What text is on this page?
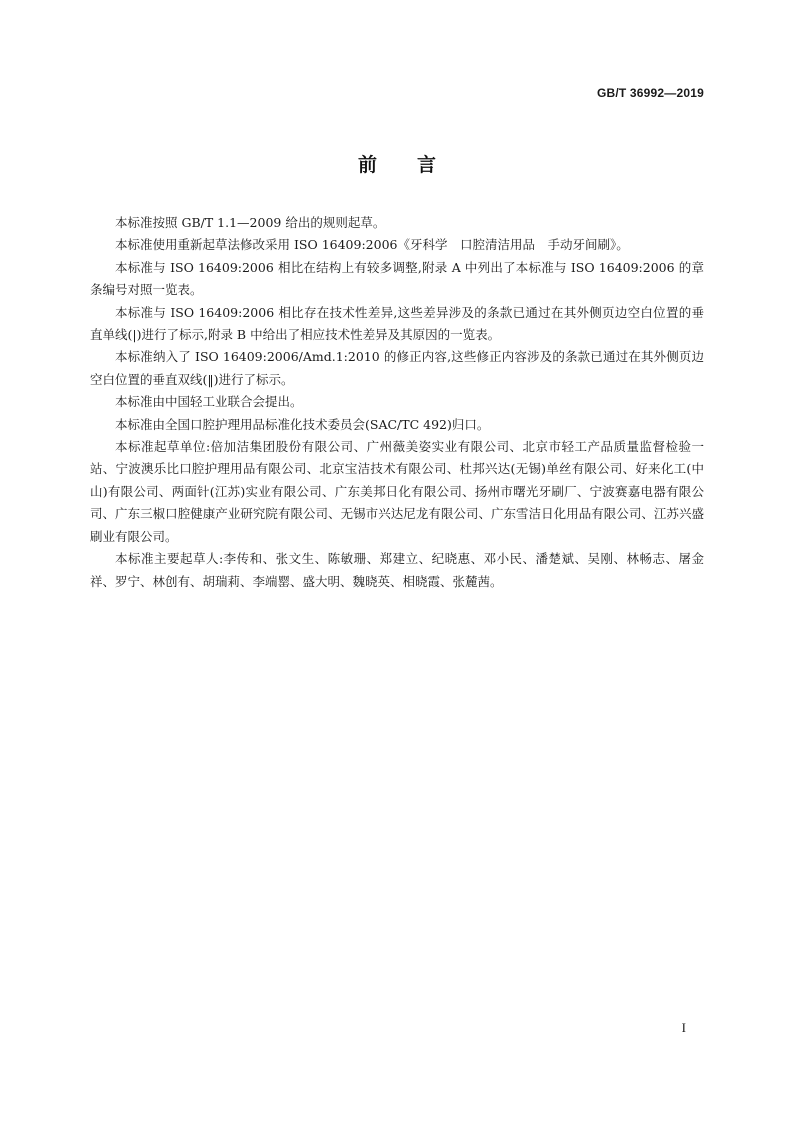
GB/T 36992—2019
前言

本标准按照 GB/T 1.1—2009 给出的规则起草。

本标准使用重新起草法修改采用 ISO 16409:2006《牙科学　口腔清洁用品　手动牙间刷》。

本标准与 ISO 16409:2006 相比在结构上有较多调整,附录 A 中列出了本标准与 ISO 16409:2006 的章条编号对照一览表。

本标准与 ISO 16409:2006 相比存在技术性差异,这些差异涉及的条款已通过在其外侧页边空白位置的垂直单线(|)进行了标示,附录 B 中给出了相应技术性差异及其原因的一览表。

本标准纳入了 ISO 16409:2006/Amd.1:2010 的修正内容,这些修正内容涉及的条款已通过在其外侧页边空白位置的垂直双线(‖)进行了标示。

本标准由中国轻工业联合会提出。

本标准由全国口腔护理用品标准化技术委员会(SAC/TC 492)归口。

本标准起草单位:倍加洁集团股份有限公司、广州薇美姿实业有限公司、北京市轻工产品质量监督检验一站、宁波澳乐比口腔护理用品有限公司、北京宝洁技术有限公司、杜邦兴达(无锡)单丝有限公司、好来化工(中山)有限公司、两面针(江苏)实业有限公司、广东美邦日化有限公司、扬州市曙光牙刷厂、宁波赛嘉电器有限公司、广东三椒口腔健康产业研究院有限公司、无锡市兴达尼龙有限公司、广东雪洁日化用品有限公司、江苏兴盛刷业有限公司。

本标准主要起草人:李传和、张文生、陈敏珊、郑建立、纪晓惠、邓小民、潘楚斌、吴刚、林畅志、屠金祥、罗宁、林创有、胡瑞莉、李端罂、盛大明、魏晓英、相晓霞、张麓茜。

I
